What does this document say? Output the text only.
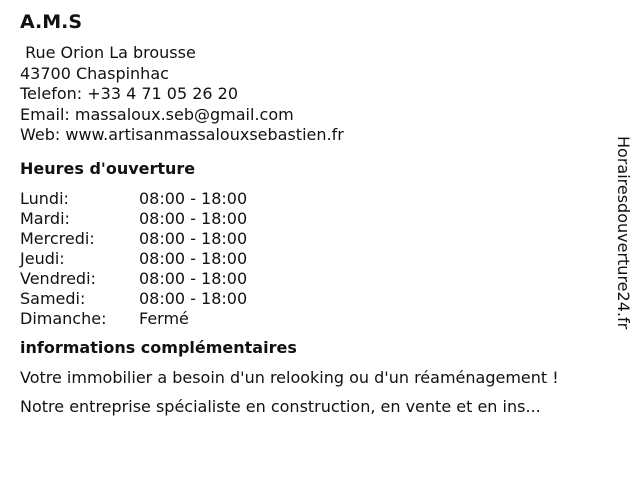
A.M.S
Rue Orion La brousse
43700 Chaspinhac
Telefon: +33 4 71 05 26 20
Email: massaloux.seb@gmail.com
Web: www.artisanmassalouxsebastien.fr
Heures d'ouverture
Lundi:	08:00 - 18:00
Mardi:	08:00 - 18:00
Mercredi:	08:00 - 18:00
Jeudi:	08:00 - 18:00
Vendredi:	08:00 - 18:00
Samedi:	08:00 - 18:00
Dimanche:	Fermé
informations complémentaires

Votre immobilier a besoin d'un relooking ou d'un réaménagement !

Notre entreprise spécialiste en construction, en vente et en ins...

Horairesdouverture24.fr
